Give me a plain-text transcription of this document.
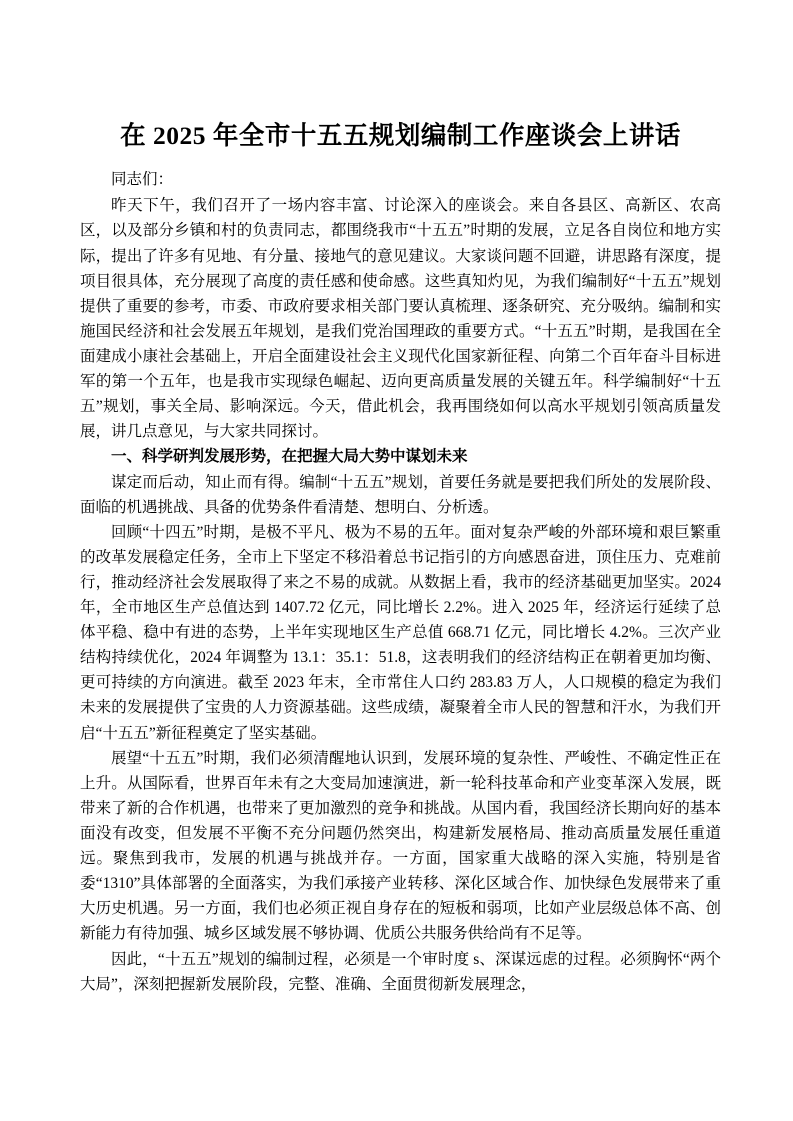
在 2025 年全市十五五规划编制工作座谈会上讲话

同志们：

昨天下午，我们召开了一场内容丰富、讨论深入的座谈会。来自各县区、高新区、农高区，以及部分乡镇和村的负责同志，都围绕我市“十五五”时期的发展，立足各自岗位和地方实际，提出了许多有见地、有分量、接地气的意见建议。大家谈问题不回避，讲思路有深度，提项目很具体，充分展现了高度的责任感和使命感。这些真知灼见，为我们编制好“十五五”规划提供了重要的参考，市委、市政府要求相关部门要认真梳理、逐条研究、充分吸纳。编制和实施国民经济和社会发展五年规划，是我们党治国理政的重要方式。“十五五”时期，是我国在全面建成小康社会基础上，开启全面建设社会主义现代化国家新征程、向第二个百年奋斗目标进军的第一个五年，也是我市实现绿色崛起、迈向更高质量发展的关键五年。科学编制好“十五五”规划，事关全局、影响深远。今天，借此机会，我再围绕如何以高水平规划引领高质量发展，讲几点意见，与大家共同探讨。

一、科学研判发展形势，在把握大局大势中谋划未来

谋定而后动，知止而有得。编制“十五五”规划，首要任务就是要把我们所处的发展阶段、面临的机遇挑战、具备的优势条件看清楚、想明白、分析透。

回顾“十四五”时期，是极不平凡、极为不易的五年。面对复杂严峻的外部环境和艰巨繁重的改革发展稳定任务，全市上下坚定不移沿着总书记指引的方向感恩奋进，顶住压力、克难前行，推动经济社会发展取得了来之不易的成就。从数据上看，我市的经济基础更加坚实。2024 年，全市地区生产总值达到 1407.72 亿元，同比增长 2.2%。进入 2025 年，经济运行延续了总体平稳、稳中有进的态势，上半年实现地区生产总值 668.71 亿元，同比增长 4.2%。三次产业结构持续优化，2024 年调整为 13.1：35.1：51.8，这表明我们的经济结构正在朝着更加均衡、更可持续的方向演进。截至 2023 年末，全市常住人口约 283.83 万人，人口规模的稳定为我们未来的发展提供了宝贵的人力资源基础。这些成绩，凝聚着全市人民的智慧和汗水，为我们开启“十五五”新征程奠定了坚实基础。

展望“十五五”时期，我们必须清醒地认识到，发展环境的复杂性、严峻性、不确定性正在上升。从国际看，世界百年未有之大变局加速演进，新一轮科技革命和产业变革深入发展，既带来了新的合作机遇，也带来了更加激烈的竞争和挑战。从国内看，我国经济长期向好的基本面没有改变，但发展不平衡不充分问题仍然突出，构建新发展格局、推动高质量发展任重道远。聚焦到我市，发展的机遇与挑战并存。一方面，国家重大战略的深入实施，特别是省委“1310”具体部署的全面落实，为我们承接产业转移、深化区域合作、加快绿色发展带来了重大历史机遇。另一方面，我们也必须正视自身存在的短板和弱项，比如产业层级总体不高、创新能力有待加强、城乡区域发展不够协调、优质公共服务供给尚有不足等。

因此，“十五五”规划的编制过程，必须是一个审时度 s、深谋远虑的过程。必须胸怀“两个大局”，深刻把握新发展阶段，完整、准确、全面贯彻新发展理念，
